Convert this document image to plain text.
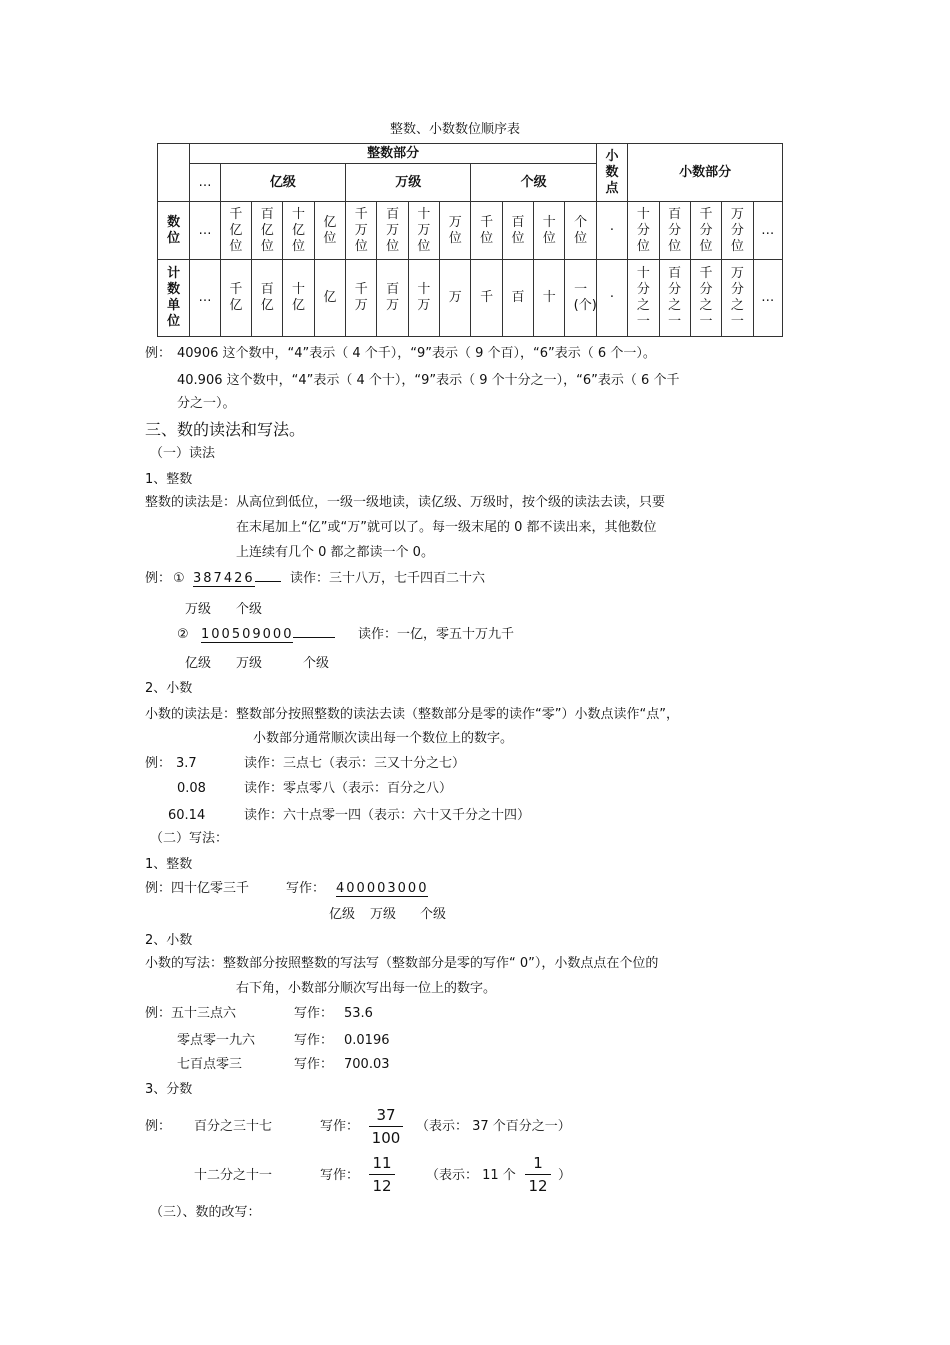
整数、小数数位顺序表
	整数部分													小数点	小数部分				
	…	亿级				万级				个级									
数位	…	千亿位	百亿位	十亿位	亿位	千万位	百万位	十万位	万位	千位	百位	十位	个位	·	十分位	百分位	千分位	万分位	…
计数单位	…	千亿	百亿	十亿	亿	千万	百万	十万	万	千	百	十	一(个)	·	十分之一	百分之一	千分之一	万分之一	…
例： 40906 这个数中，“4”表示（ 4 个千），“9”表示（ 9 个百），“6”表示（ 6 个一）。
40.906 这个数中，“4”表示（ 4 个十），“9”表示（ 9 个十分之一），“6”表示（ 6 个千
分之一）。
三、数的读法和写法。
（一）读法
1、整数
整数的读法是：从高位到低位，一级一级地读，读亿级、万级时，按个级的读法去读，只要
在末尾加上“亿”或“万”就可以了。每一级末尾的 0 都不读出来，其他数位
上连续有几个 0 都之都读一个 0。
例： ① 387426	读作：三十八万，七千四百二十六
万级 个级
② 100509000	读作：一亿，零五十万九千
亿级 万级	个级
2、小数
小数的读法是：整数部分按照整数的读法去读（整数部分是零的读作“零”）小数点读作“点”，
小数部分通常顺次读出每一个数位上的数字。
例： 3.7	读作：三点七（表示：三又十分之七）
0.08	读作：零点零八（表示：百分之八）
60.14	读作：六十点零一四（表示：六十又千分之十四）
（二）写法：
1、整数
例：四十亿零三千	写作： 400003000
亿级 万级 个级
2、小数
小数的写法：整数部分按照整数的写法写（整数部分是零的写作“ 0”），小数点点在个位的
右下角，小数部分顺次写出每一位上的数字。
例：五十三点六	写作： 53.6
零点零一九六	写作： 0.0196
七百点零三	写作： 700.03
3、分数
例： 百分之三十七	写作： $\frac{37}{100}$ （表示： 37 个百分之一）
十二分之十一	写作： $\frac{11}{12}$ （表示： 11 个 $\frac{1}{12}$ ）
（三）、数的改写：
